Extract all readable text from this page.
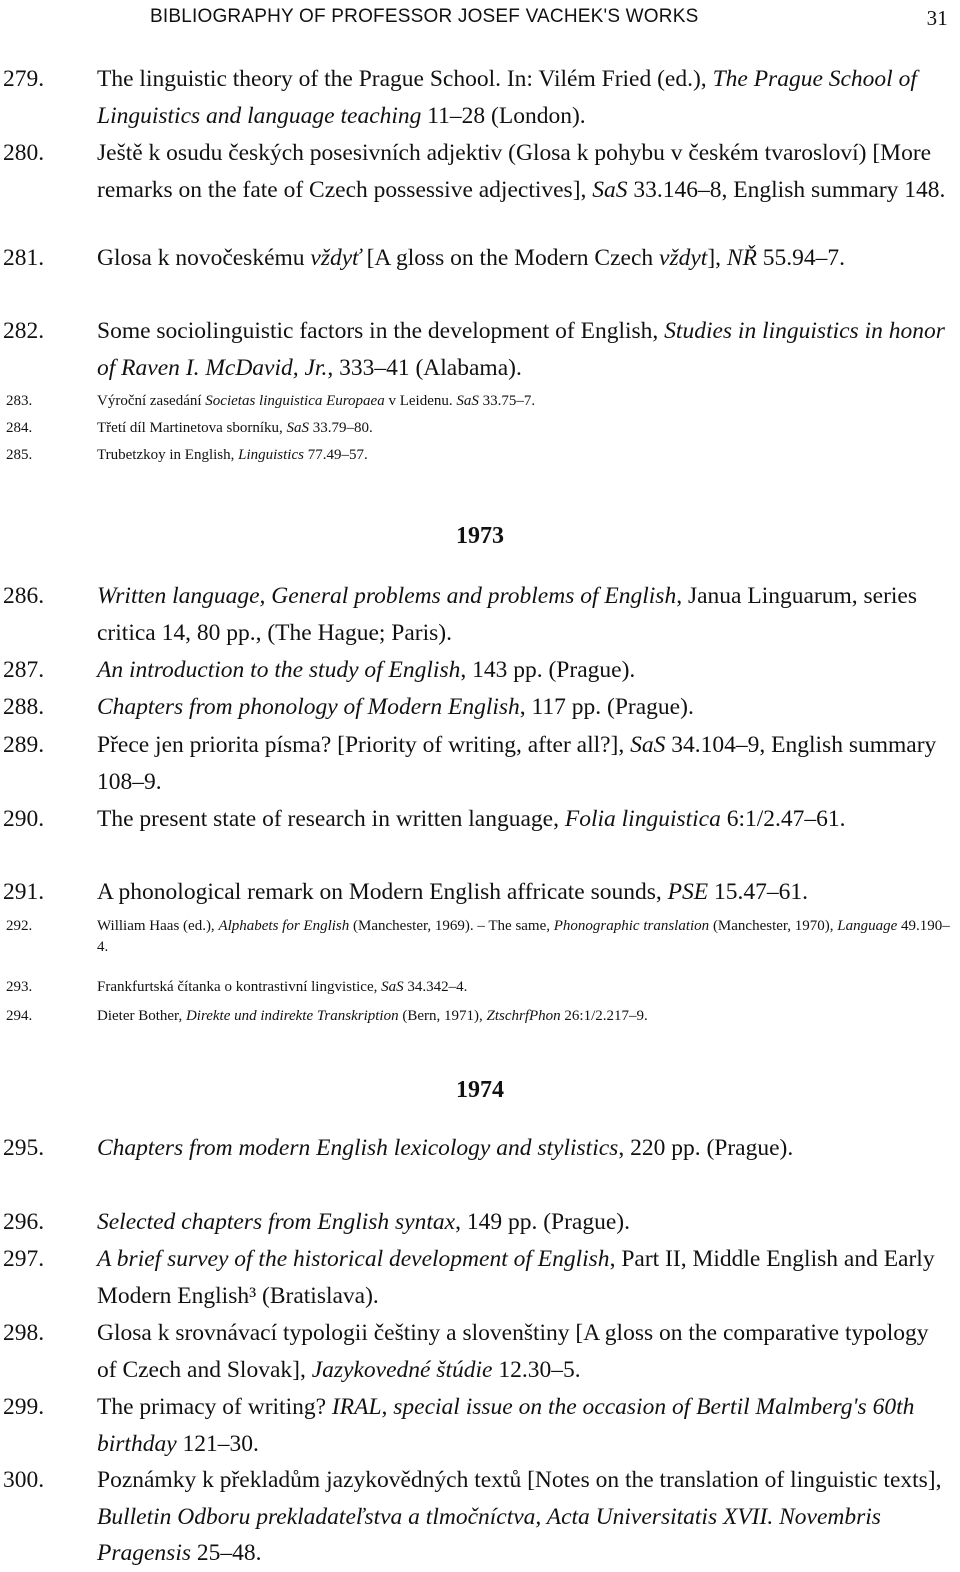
BIBLIOGRAPHY OF PROFESSOR JOSEF VACHEK'S WORKS	31
279. The linguistic theory of the Prague School. In: Vilém Fried (ed.), The Prague School of Linguistics and language teaching 11–28 (London).
280. Ještě k osudu českých posesivních adjektiv (Glosa k pohybu v českém tvarosloví) [More remarks on the fate of Czech possessive adjectives], SaS 33.146–8, English summary 148.
281. Glosa k novočeskému vždyť [A gloss on the Modern Czech vždyt], NŘ 55.94–7.
282. Some sociolinguistic factors in the development of English, Studies in linguistics in honor of Raven I. McDavid, Jr., 333–41 (Alabama).
283.	Výroční zasedání Societas linguistica Europaea v Leidenu. SaS 33.75–7.
284.	Třetí díl Martinetova sborníku, SaS 33.79–80.
285.	Trubetzkoy in English, Linguistics 77.49–57.
1973
286. Written language, General problems and problems of English, Janua Linguarum, series critica 14, 80 pp., (The Hague; Paris).
287. An introduction to the study of English, 143 pp. (Prague).
288. Chapters from phonology of Modern English, 117 pp. (Prague).
289. Přece jen priorita písma? [Priority of writing, after all?], SaS 34.104–9, English summary 108–9.
290. The present state of research in written language, Folia linguistica 6:1/2.47–61.
291. A phonological remark on Modern English affricate sounds, PSE 15.47–61.
292.	William Haas (ed.), Alphabets for English (Manchester, 1969). – The same, Phonographic translation (Manchester, 1970), Language 49.190–4.
293.	Frankfurtská čítanka o kontrastivní lingvistice, SaS 34.342–4.
294.	Dieter Bother, Direkte und indirekte Transkription (Bern, 1971), ZtschrfPhon 26:1/2.217–9.
1974
295. Chapters from modern English lexicology and stylistics, 220 pp. (Prague).
296. Selected chapters from English syntax, 149 pp. (Prague).
297. A brief survey of the historical development of English, Part II, Middle English and Early Modern English³ (Bratislava).
298. Glosa k srovnávací typologii češtiny a slovenštiny [A gloss on the comparative typology of Czech and Slovak], Jazykovedné štúdie 12.30–5.
299. The primacy of writing? IRAL, special issue on the occasion of Bertil Malmberg's 60th birthday 121–30.
300. Poznámky k překladům jazykovědných textů [Notes on the translation of linguistic texts], Bulletin Odboru prekladateľstva a tlmočníctva, Acta Universitatis XVII. Novembris Pragensis 25–48.
